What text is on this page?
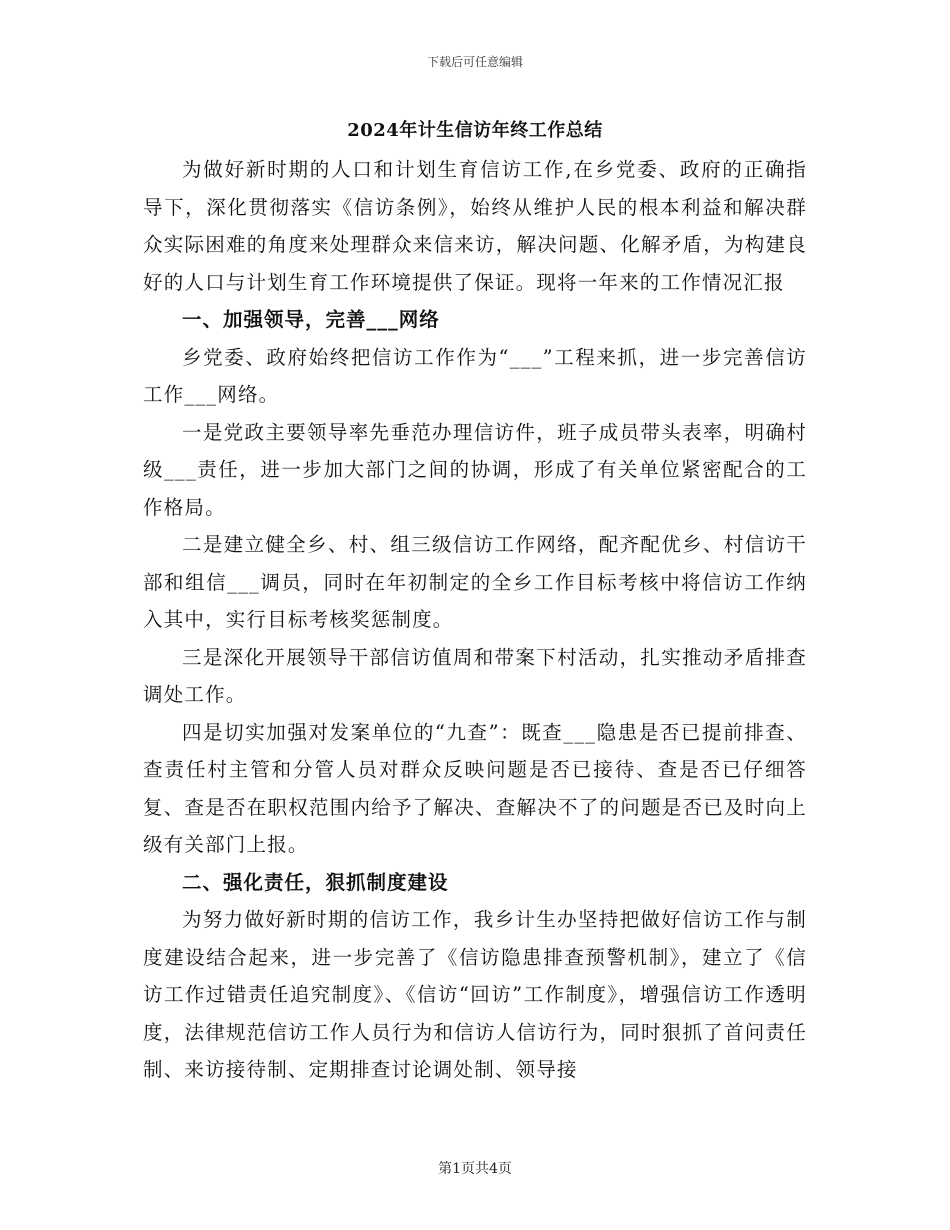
下载后可任意编辑
2024年计生信访年终工作总结

为做好新时期的人口和计划生育信访工作,在乡党委、政府的正确指导下，深化贯彻落实《信访条例》，始终从维护人民的根本利益和解决群众实际困难的角度来处理群众来信来访，解决问题、化解矛盾，为构建良好的人口与计划生育工作环境提供了保证。现将一年来的工作情况汇报

一、加强领导，完善___网络

乡党委、政府始终把信访工作作为“___”工程来抓，进一步完善信访工作___网络。

一是党政主要领导率先垂范办理信访件，班子成员带头表率，明确村级___责任，进一步加大部门之间的协调，形成了有关单位紧密配合的工作格局。

二是建立健全乡、村、组三级信访工作网络，配齐配优乡、村信访干部和组信___调员，同时在年初制定的全乡工作目标考核中将信访工作纳入其中，实行目标考核奖惩制度。

三是深化开展领导干部信访值周和带案下村活动，扎实推动矛盾排查调处工作。

四是切实加强对发案单位的“九查”：既查___隐患是否已提前排查、查责任村主管和分管人员对群众反映问题是否已接待、查是否已仔细答复、查是否在职权范围内给予了解决、查解决不了的问题是否已及时向上级有关部门上报。

二、强化责任，狠抓制度建设

为努力做好新时期的信访工作，我乡计生办坚持把做好信访工作与制度建设结合起来，进一步完善了《信访隐患排查预警机制》，建立了《信访工作过错责任追究制度》、《信访“回访”工作制度》，增强信访工作透明度，法律规范信访工作人员行为和信访人信访行为，同时狠抓了首问责任制、来访接待制、定期排查讨论调处制、领导接

第1页共4页
